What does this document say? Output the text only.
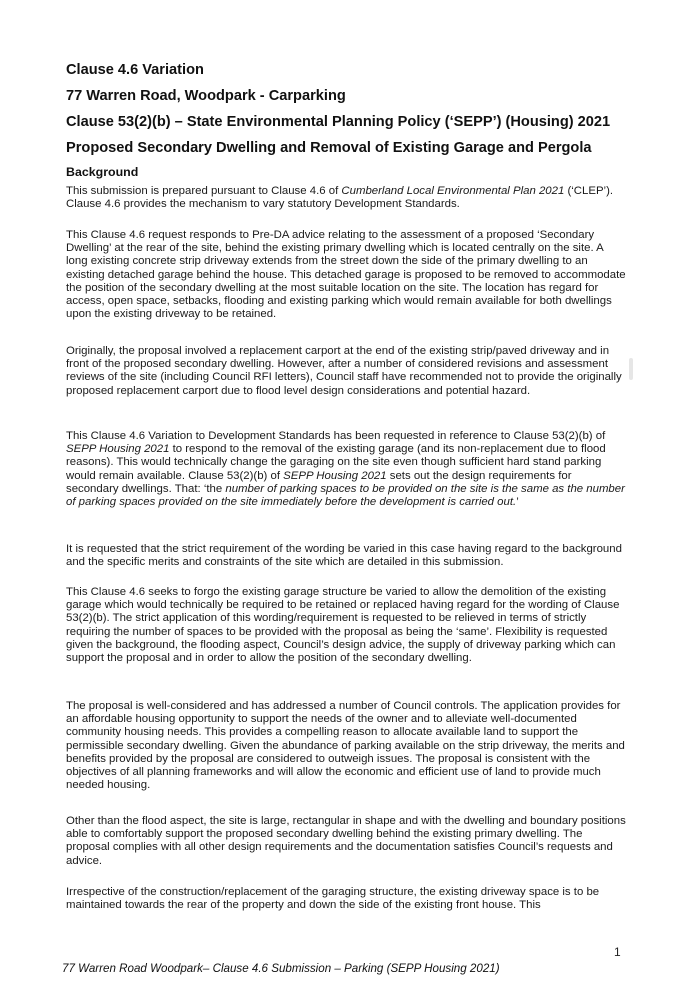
Clause 4.6 Variation
77 Warren Road, Woodpark - Carparking
Clause 53(2)(b) – State Environmental Planning Policy (‘SEPP’) (Housing) 2021
Proposed Secondary Dwelling and Removal of Existing Garage and Pergola
Background

This submission is prepared pursuant to Clause 4.6 of Cumberland Local Environmental Plan 2021 (‘CLEP’). Clause 4.6 provides the mechanism to vary statutory Development Standards.

This Clause 4.6 request responds to Pre-DA advice relating to the assessment of a proposed ‘Secondary Dwelling’ at the rear of the site, behind the existing primary dwelling which is located centrally on the site. A long existing concrete strip driveway extends from the street down the side of the primary dwelling to an existing detached garage behind the house. This detached garage is proposed to be removed to accommodate the position of the secondary dwelling at the most suitable location on the site. The location has regard for access, open space, setbacks, flooding and existing parking which would remain available for both dwellings upon the existing driveway to be retained.

Originally, the proposal involved a replacement carport at the end of the existing strip/paved driveway and in front of the proposed secondary dwelling. However, after a number of considered revisions and assessment reviews of the site (including Council RFI letters), Council staff have recommended not to provide the originally proposed replacement carport due to flood level design considerations and potential hazard.

This Clause 4.6 Variation to Development Standards has been requested in reference to Clause 53(2)(b) of SEPP Housing 2021 to respond to the removal of the existing garage (and its non-replacement due to flood reasons). This would technically change the garaging on the site even though sufficient hard stand parking would remain available. Clause 53(2)(b) of SEPP Housing 2021 sets out the design requirements for secondary dwellings. That: ‘the number of parking spaces to be provided on the site is the same as the number of parking spaces provided on the site immediately before the development is carried out.’

It is requested that the strict requirement of the wording be varied in this case having regard to the background and the specific merits and constraints of the site which are detailed in this submission.

This Clause 4.6 seeks to forgo the existing garage structure be varied to allow the demolition of the existing garage which would technically be required to be retained or replaced having regard for the wording of Clause 53(2)(b). The strict application of this wording/requirement is requested to be relieved in terms of strictly requiring the number of spaces to be provided with the proposal as being the ‘same’. Flexibility is requested given the background, the flooding aspect, Council’s design advice, the supply of driveway parking which can support the proposal and in order to allow the position of the secondary dwelling.

The proposal is well-considered and has addressed a number of Council controls. The application provides for an affordable housing opportunity to support the needs of the owner and to alleviate well-documented community housing needs. This provides a compelling reason to allocate available land to support the permissible secondary dwelling. Given the abundance of parking available on the strip driveway, the merits and benefits provided by the proposal are considered to outweigh issues. The proposal is consistent with the objectives of all planning frameworks and will allow the economic and efficient use of land to provide much needed housing.

Other than the flood aspect, the site is large, rectangular in shape and with the dwelling and boundary positions able to comfortably support the proposed secondary dwelling behind the existing primary dwelling. The proposal complies with all other design requirements and the documentation satisfies Council’s requests and advice.

Irrespective of the construction/replacement of the garaging structure, the existing driveway space is to be maintained towards the rear of the property and down the side of the existing front house. This

1
77 Warren Road Woodpark– Clause 4.6 Submission – Parking (SEPP Housing 2021)
